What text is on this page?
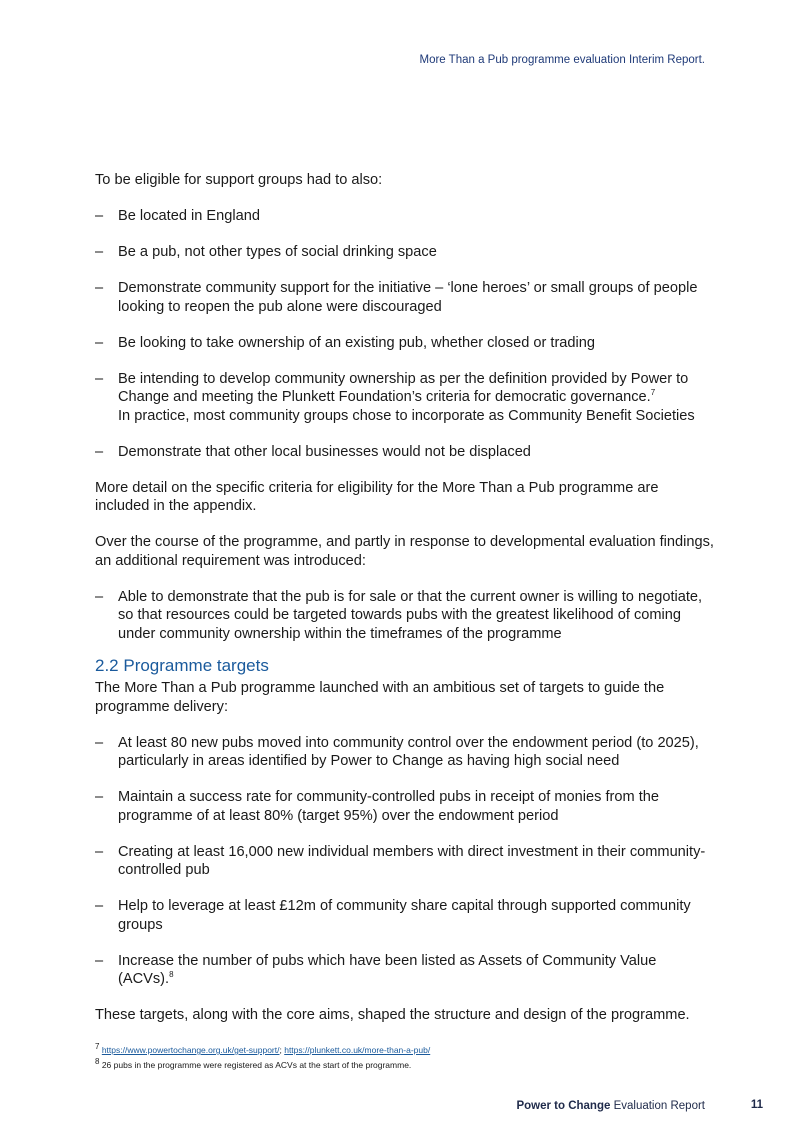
More Than a Pub programme evaluation Interim Report.

To be eligible for support groups had to also:

– Be located in England
– Be a pub, not other types of social drinking space
– Demonstrate community support for the initiative – ‘lone heroes’ or small groups of people looking to reopen the pub alone were discouraged
– Be looking to take ownership of an existing pub, whether closed or trading
– Be intending to develop community ownership as per the definition provided by Power to Change and meeting the Plunkett Foundation’s criteria for democratic governance.$^7$
In practice, most community groups chose to incorporate as Community Benefit Societies
– Demonstrate that other local businesses would not be displaced

More detail on the specific criteria for eligibility for the More Than a Pub programme are included in the appendix.

Over the course of the programme, and partly in response to developmental evaluation findings, an additional requirement was introduced:

– Able to demonstrate that the pub is for sale or that the current owner is willing to negotiate, so that resources could be targeted towards pubs with the greatest likelihood of coming under community ownership within the timeframes of the programme
2.2 Programme targets

The More Than a Pub programme launched with an ambitious set of targets to guide the programme delivery:

– At least 80 new pubs moved into community control over the endowment period (to 2025), particularly in areas identified by Power to Change as having high social need
– Maintain a success rate for community-controlled pubs in receipt of monies from the programme of at least 80% (target 95%) over the endowment period
– Creating at least 16,000 new individual members with direct investment in their community-controlled pub
– Help to leverage at least £12m of community share capital through supported community groups
– Increase the number of pubs which have been listed as Assets of Community Value (ACVs).$^8$

These targets, along with the core aims, shaped the structure and design of the programme.

$^7$ https://www.powertochange.org.uk/get-support/; https://plunkett.co.uk/more-than-a-pub/
$^8$ 26 pubs in the programme were registered as ACVs at the start of the programme.
Power to Change Evaluation Report	11
